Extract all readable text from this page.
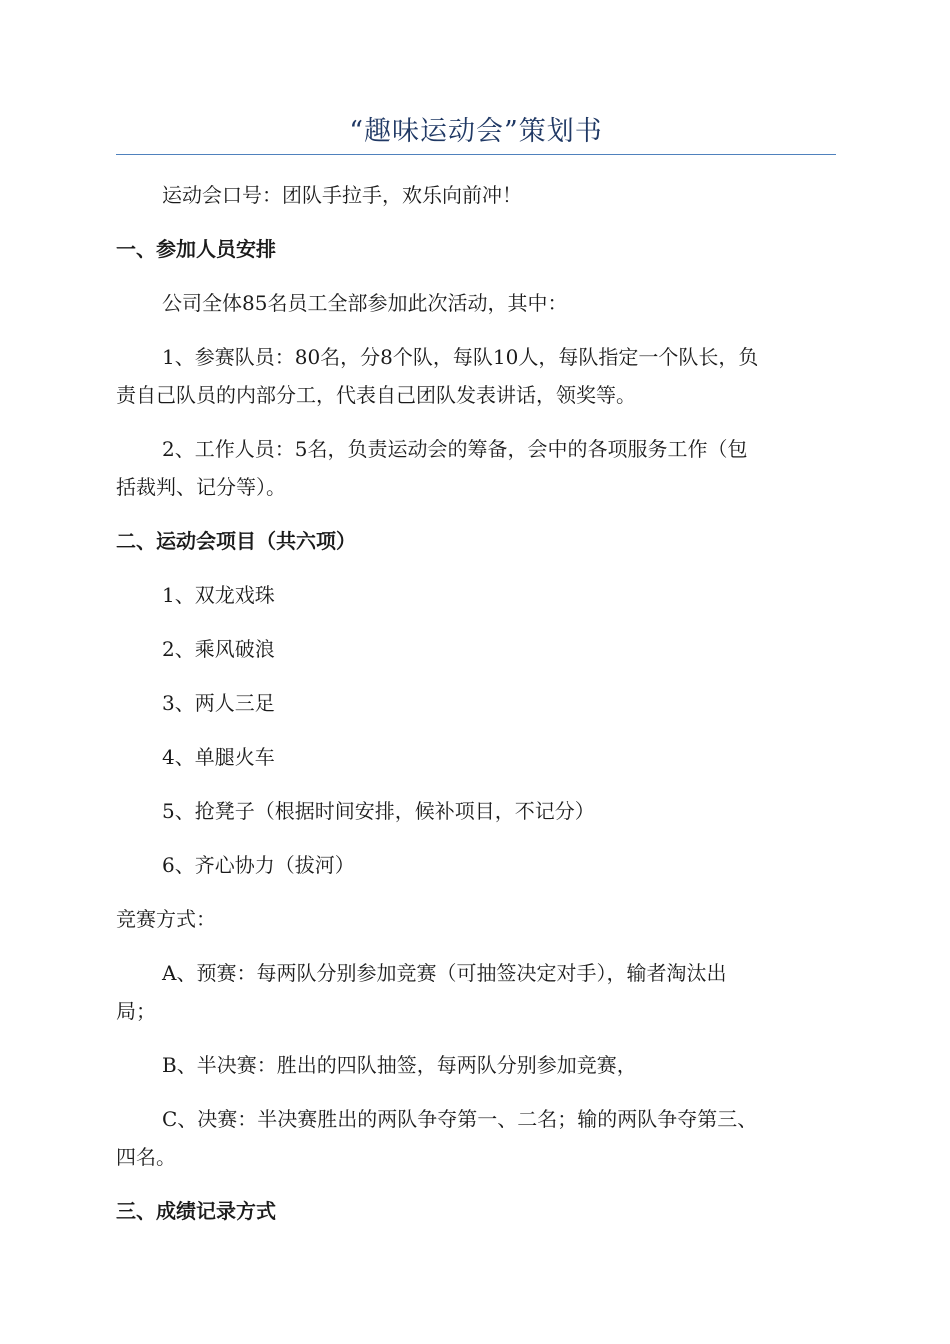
“趣味运动会”策划书
运动会口号：团队手拉手，欢乐向前冲！
一、参加人员安排
公司全体85名员工全部参加此次活动，其中：
1、参赛队员：80名，分8个队，每队10人，每队指定一个队长，负
责自己队员的内部分工，代表自己团队发表讲话，领奖等。
2、工作人员：5名，负责运动会的筹备，会中的各项服务工作（包
括裁判、记分等）。
二、运动会项目（共六项）
1、双龙戏珠
2、乘风破浪
3、两人三足
4、单腿火车
5、抢凳子（根据时间安排，候补项目，不记分）
6、齐心协力（拔河）
竞赛方式：
A、预赛：每两队分别参加竞赛（可抽签决定对手），输者淘汰出
局；
B、半决赛：胜出的四队抽签，每两队分别参加竞赛，
C、决赛：半决赛胜出的两队争夺第一、二名；输的两队争夺第三、
四名。
三、成绩记录方式
